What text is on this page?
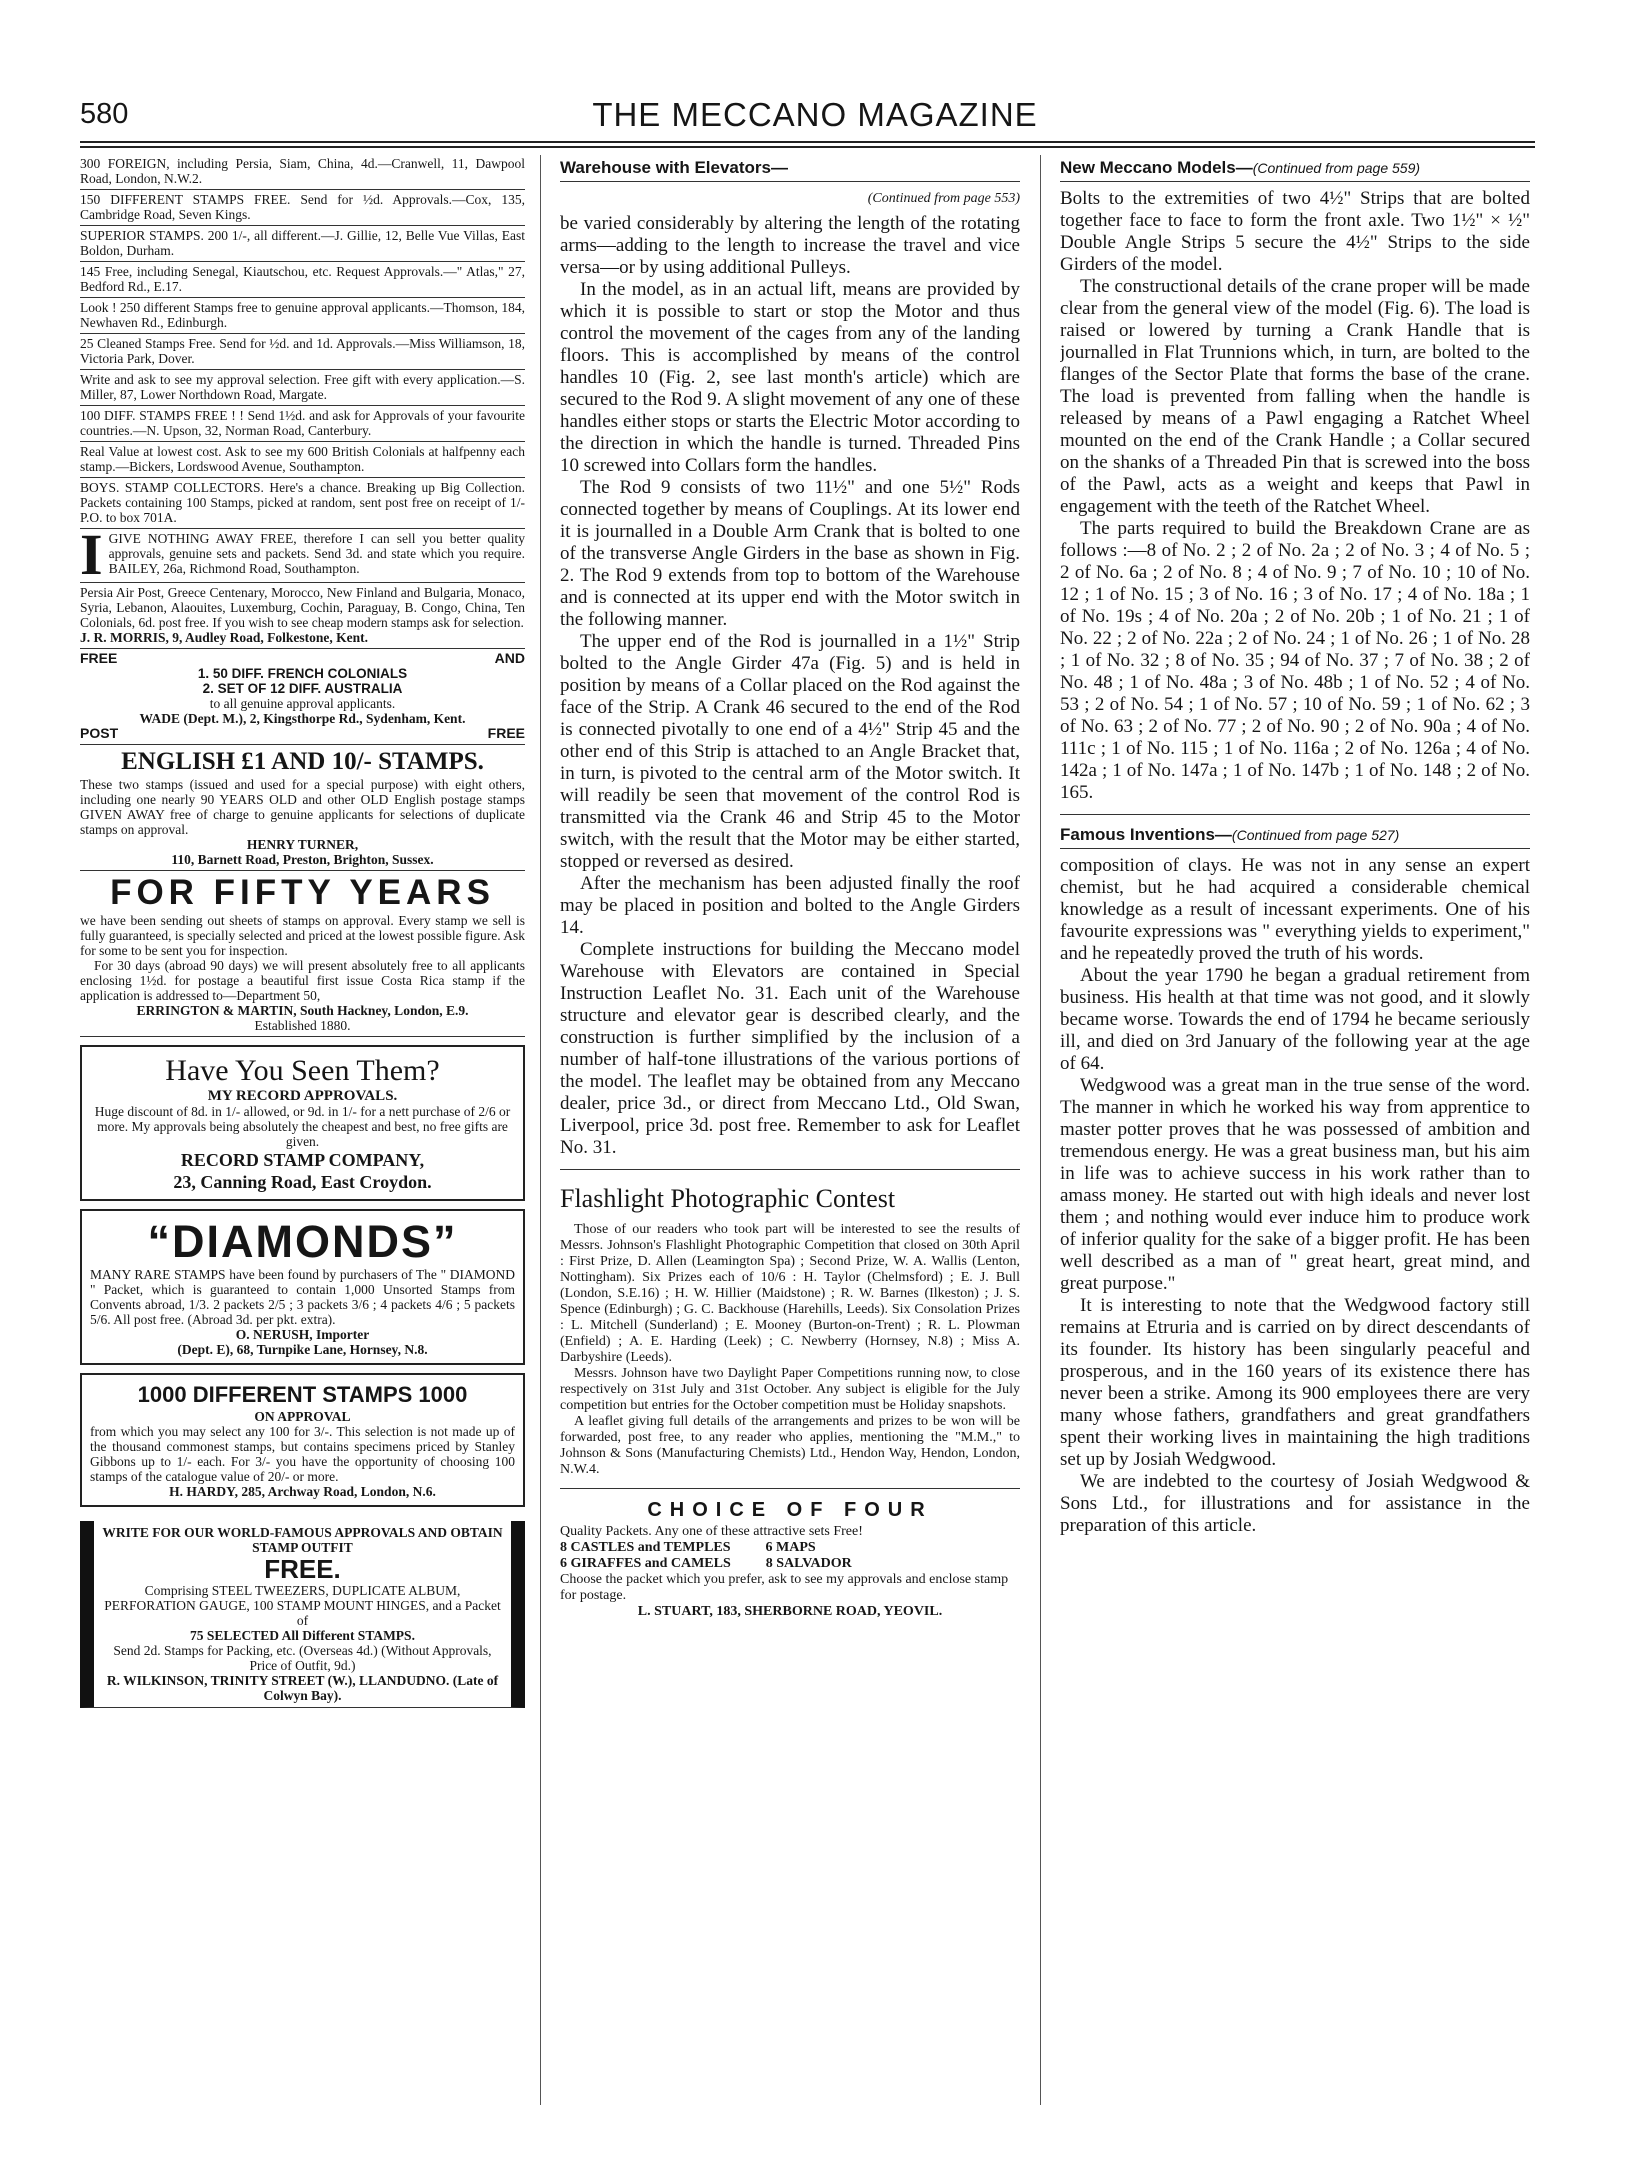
580	THE MECCANO MAGAZINE

300 FOREIGN, including Persia, Siam, China, 4d.—Cranwell, 11, Dawpool Road, London, N.W.2.

150 DIFFERENT STAMPS FREE. Send for ½d. Approvals.—Cox, 135, Cambridge Road, Seven Kings.

SUPERIOR STAMPS. 200 1/-, all different.—J. Gillie, 12, Belle Vue Villas, East Boldon, Durham.

145 Free, including Senegal, Kiautschou, etc. Request Approvals.—" Atlas," 27, Bedford Rd., E.17.

Look ! 250 different Stamps free to genuine approval applicants.—Thomson, 184, Newhaven Rd., Edinburgh.

25 Cleaned Stamps Free. Send for ½d. and 1d. Approvals.—Miss Williamson, 18, Victoria Park, Dover.

Write and ask to see my approval selection. Free gift with every application.—S. Miller, 87, Lower Northdown Road, Margate.

100 DIFF. STAMPS FREE ! ! Send 1½d. and ask for Approvals of your favourite countries.—N. Upson, 32, Norman Road, Canterbury.

Real Value at lowest cost. Ask to see my 600 British Colonials at halfpenny each stamp.—Bickers, Lordswood Avenue, Southampton.

BOYS. STAMP COLLECTORS. Here's a chance. Breaking up Big Collection. Packets containing 100 Stamps, picked at random, sent post free on receipt of 1/- P.O. to box 701A.

I GIVE NOTHING AWAY FREE, therefore I can sell you better quality approvals, genuine sets and packets. Send 3d. and state which you require. BAILEY, 26a, Richmond Road, Southampton.

Persia Air Post, Greece Centenary, Morocco, New Finland and Bulgaria, Monaco, Syria, Lebanon, Alaouites, Luxemburg, Cochin, Paraguay, B. Congo, China, Ten Colonials, 6d. post free. If you wish to see cheap modern stamps ask for selection.

J. R. MORRIS, 9, Audley Road, Folkestone, Kent.

FREE	AND

1. 50 DIFF. FRENCH COLONIALS

2. SET OF 12 DIFF. AUSTRALIA

to all genuine approval applicants.

WADE (Dept. M.), 2, Kingsthorpe Rd., Sydenham, Kent.

POST	FREE

ENGLISH £1 AND 10/- STAMPS.

These two stamps (issued and used for a special purpose) with eight others, including one nearly 90 YEARS OLD and other OLD English postage stamps GIVEN AWAY free of charge to genuine applicants for selections of duplicate stamps on approval.

HENRY TURNER,

110, Barnett Road, Preston, Brighton, Sussex.

FOR FIFTY YEARS

we have been sending out sheets of stamps on approval. Every stamp we sell is fully guaranteed, is specially selected and priced at the lowest possible figure. Ask for some to be sent you for inspection.

For 30 days (abroad 90 days) we will present absolutely free to all applicants enclosing 1½d. for postage a beautiful first issue Costa Rica stamp if the application is addressed to—Department 50,

ERRINGTON & MARTIN, South Hackney, London, E.9.

Established 1880.

Have You Seen Them?

MY RECORD APPROVALS.

Huge discount of 8d. in 1/- allowed, or 9d. in 1/- for a nett purchase of 2/6 or more. My approvals being absolutely the cheapest and best, no free gifts are given.

RECORD STAMP COMPANY,

23, Canning Road, East Croydon.

“DIAMONDS”

MANY RARE STAMPS have been found by purchasers of The " DIAMOND " Packet, which is guaranteed to contain 1,000 Unsorted Stamps from Convents abroad, 1/3. 2 packets 2/5 ; 3 packets 3/6 ; 4 packets 4/6 ; 5 packets 5/6. All post free. (Abroad 3d. per pkt. extra).

O. NERUSH, Importer

(Dept. E), 68, Turnpike Lane, Hornsey, N.8.

1000 DIFFERENT STAMPS 1000

ON APPROVAL

from which you may select any 100 for 3/-. This selection is not made up of the thousand commonest stamps, but contains specimens priced by Stanley Gibbons up to 1/- each. For 3/- you have the opportunity of choosing 100 stamps of the catalogue value of 20/- or more.

H. HARDY, 285, Archway Road, London, N.6.

WRITE FOR OUR WORLD-FAMOUS APPROVALS AND OBTAIN STAMP OUTFIT

FREE.

Comprising STEEL TWEEZERS, DUPLICATE ALBUM, PERFORATION GAUGE, 100 STAMP MOUNT HINGES, and a Packet of

75 SELECTED All Different STAMPS.

Send 2d. Stamps for Packing, etc. (Overseas 4d.) (Without Approvals, Price of Outfit, 9d.)

R. WILKINSON, TRINITY STREET (W.), LLANDUDNO. (Late of Colwyn Bay).

Warehouse with Elevators—

(Continued from page 553)

be varied considerably by altering the length of the rotating arms—adding to the length to increase the travel and vice versa—or by using additional Pulleys.

In the model, as in an actual lift, means are provided by which it is possible to start or stop the Motor and thus control the movement of the cages from any of the landing floors. This is accomplished by means of the control handles 10 (Fig. 2, see last month's article) which are secured to the Rod 9. A slight movement of any one of these handles either stops or starts the Electric Motor according to the direction in which the handle is turned. Threaded Pins 10 screwed into Collars form the handles.

The Rod 9 consists of two 11½" and one 5½" Rods connected together by means of Couplings. At its lower end it is journalled in a Double Arm Crank that is bolted to one of the transverse Angle Girders in the base as shown in Fig. 2. The Rod 9 extends from top to bottom of the Warehouse and is connected at its upper end with the Motor switch in the following manner.

The upper end of the Rod is journalled in a 1½" Strip bolted to the Angle Girder 47a (Fig. 5) and is held in position by means of a Collar placed on the Rod against the face of the Strip. A Crank 46 secured to the end of the Rod is connected pivotally to one end of a 4½" Strip 45 and the other end of this Strip is attached to an Angle Bracket that, in turn, is pivoted to the central arm of the Motor switch. It will readily be seen that movement of the control Rod is transmitted via the Crank 46 and Strip 45 to the Motor switch, with the result that the Motor may be either started, stopped or reversed as desired.

After the mechanism has been adjusted finally the roof may be placed in position and bolted to the Angle Girders 14.

Complete instructions for building the Meccano model Warehouse with Elevators are contained in Special Instruction Leaflet No. 31. Each unit of the Warehouse structure and elevator gear is described clearly, and the construction is further simplified by the inclusion of a number of half-tone illustrations of the various portions of the model. The leaflet may be obtained from any Meccano dealer, price 3d., or direct from Meccano Ltd., Old Swan, Liverpool, price 3d. post free. Remember to ask for Leaflet No. 31.

Flashlight Photographic Contest

Those of our readers who took part will be interested to see the results of Messrs. Johnson's Flashlight Photographic Competition that closed on 30th April : First Prize, D. Allen (Leamington Spa) ; Second Prize, W. A. Wallis (Lenton, Nottingham). Six Prizes each of 10/6 : H. Taylor (Chelmsford) ; E. J. Bull (London, S.E.16) ; H. W. Hillier (Maidstone) ; R. W. Barnes (Ilkeston) ; J. S. Spence (Edinburgh) ; G. C. Backhouse (Harehills, Leeds). Six Consolation Prizes : L. Mitchell (Sunderland) ; E. Mooney (Burton-on-Trent) ; R. L. Plowman (Enfield) ; A. E. Harding (Leek) ; C. Newberry (Hornsey, N.8) ; Miss A. Darbyshire (Leeds).

Messrs. Johnson have two Daylight Paper Competitions running now, to close respectively on 31st July and 31st October. Any subject is eligible for the July competition but entries for the October competition must be Holiday snapshots.

A leaflet giving full details of the arrangements and prizes to be won will be forwarded, post free, to any reader who applies, mentioning the "M.M.," to Johnson & Sons (Manufacturing Chemists) Ltd., Hendon Way, Hendon, London, N.W.4.

CHOICE OF FOUR

Quality Packets. Any one of these attractive sets Free!

8 CASTLES and TEMPLES          6 MAPS

6 GIRAFFES and CAMELS          8 SALVADOR

Choose the packet which you prefer, ask to see my approvals and enclose stamp for postage.

L. STUART, 183, SHERBORNE ROAD, YEOVIL.

New Meccano Models—(Continued from page 559)

Bolts to the extremities of two 4½" Strips that are bolted together face to face to form the front axle. Two 1½" × ½" Double Angle Strips 5 secure the 4½" Strips to the side Girders of the model.

The constructional details of the crane proper will be made clear from the general view of the model (Fig. 6). The load is raised or lowered by turning a Crank Handle that is journalled in Flat Trunnions which, in turn, are bolted to the flanges of the Sector Plate that forms the base of the crane. The load is prevented from falling when the handle is released by means of a Pawl engaging a Ratchet Wheel mounted on the end of the Crank Handle ; a Collar secured on the shanks of a Threaded Pin that is screwed into the boss of the Pawl, acts as a weight and keeps that Pawl in engagement with the teeth of the Ratchet Wheel.

The parts required to build the Breakdown Crane are as follows :—8 of No. 2 ; 2 of No. 2a ; 2 of No. 3 ; 4 of No. 5 ; 2 of No. 6a ; 2 of No. 8 ; 4 of No. 9 ; 7 of No. 10 ; 10 of No. 12 ; 1 of No. 15 ; 3 of No. 16 ; 3 of No. 17 ; 4 of No. 18a ; 1 of No. 19s ; 4 of No. 20a ; 2 of No. 20b ; 1 of No. 21 ; 1 of No. 22 ; 2 of No. 22a ; 2 of No. 24 ; 1 of No. 26 ; 1 of No. 28 ; 1 of No. 32 ; 8 of No. 35 ; 94 of No. 37 ; 7 of No. 38 ; 2 of No. 48 ; 1 of No. 48a ; 3 of No. 48b ; 1 of No. 52 ; 4 of No. 53 ; 2 of No. 54 ; 1 of No. 57 ; 10 of No. 59 ; 1 of No. 62 ; 3 of No. 63 ; 2 of No. 77 ; 2 of No. 90 ; 2 of No. 90a ; 4 of No. 111c ; 1 of No. 115 ; 1 of No. 116a ; 2 of No. 126a ; 4 of No. 142a ; 1 of No. 147a ; 1 of No. 147b ; 1 of No. 148 ; 2 of No. 165.

Famous Inventions—(Continued from page 527)

composition of clays. He was not in any sense an expert chemist, but he had acquired a considerable chemical knowledge as a result of incessant experiments. One of his favourite expressions was " everything yields to experiment," and he repeatedly proved the truth of his words.

About the year 1790 he began a gradual retirement from business. His health at that time was not good, and it slowly became worse. Towards the end of 1794 he became seriously ill, and died on 3rd January of the following year at the age of 64.

Wedgwood was a great man in the true sense of the word. The manner in which he worked his way from apprentice to master potter proves that he was possessed of ambition and tremendous energy. He was a great business man, but his aim in life was to achieve success in his work rather than to amass money. He started out with high ideals and never lost them ; and nothing would ever induce him to produce work of inferior quality for the sake of a bigger profit. He has been well described as a man of " great heart, great mind, and great purpose."

It is interesting to note that the Wedgwood factory still remains at Etruria and is carried on by direct descendants of its founder. Its history has been singularly peaceful and prosperous, and in the 160 years of its existence there has never been a strike. Among its 900 employees there are very many whose fathers, grandfathers and great grandfathers spent their working lives in maintaining the high traditions set up by Josiah Wedgwood.

We are indebted to the courtesy of Josiah Wedgwood & Sons Ltd., for illustrations and for assistance in the preparation of this article.
